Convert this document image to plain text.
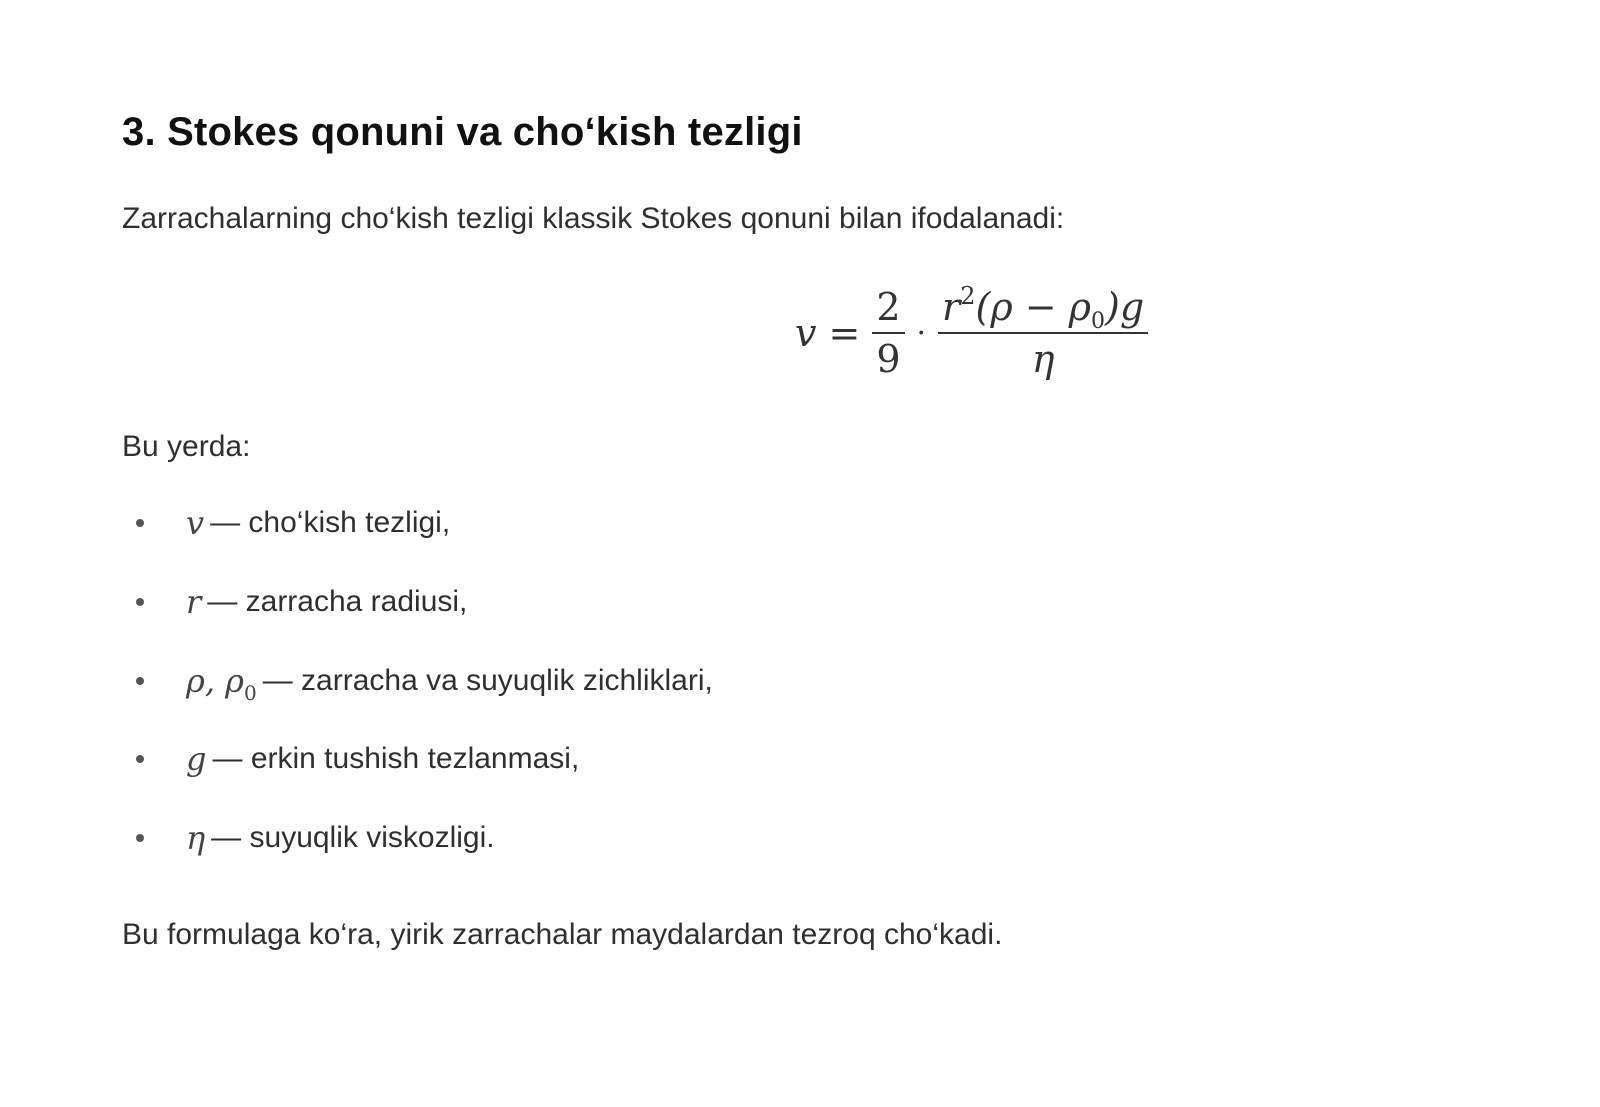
3. Stokes qonuni va cho‘kish tezligi

Zarrachalarning cho‘kish tezligi klassik Stokes qonuni bilan ifodalanadi:

$v = \frac{2}{9} \cdot \frac{r^2(\rho - \rho_0)g}{\eta}$

Bu yerda:

v — cho‘kish tezligi,
r — zarracha radiusi,
ρ, $\rho_0$ — zarracha va suyuqlik zichliklari,
g — erkin tushish tezlanmasi,
η — suyuqlik viskozligi.

Bu formulaga ko‘ra, yirik zarrachalar maydalardan tezroq cho‘kadi.
